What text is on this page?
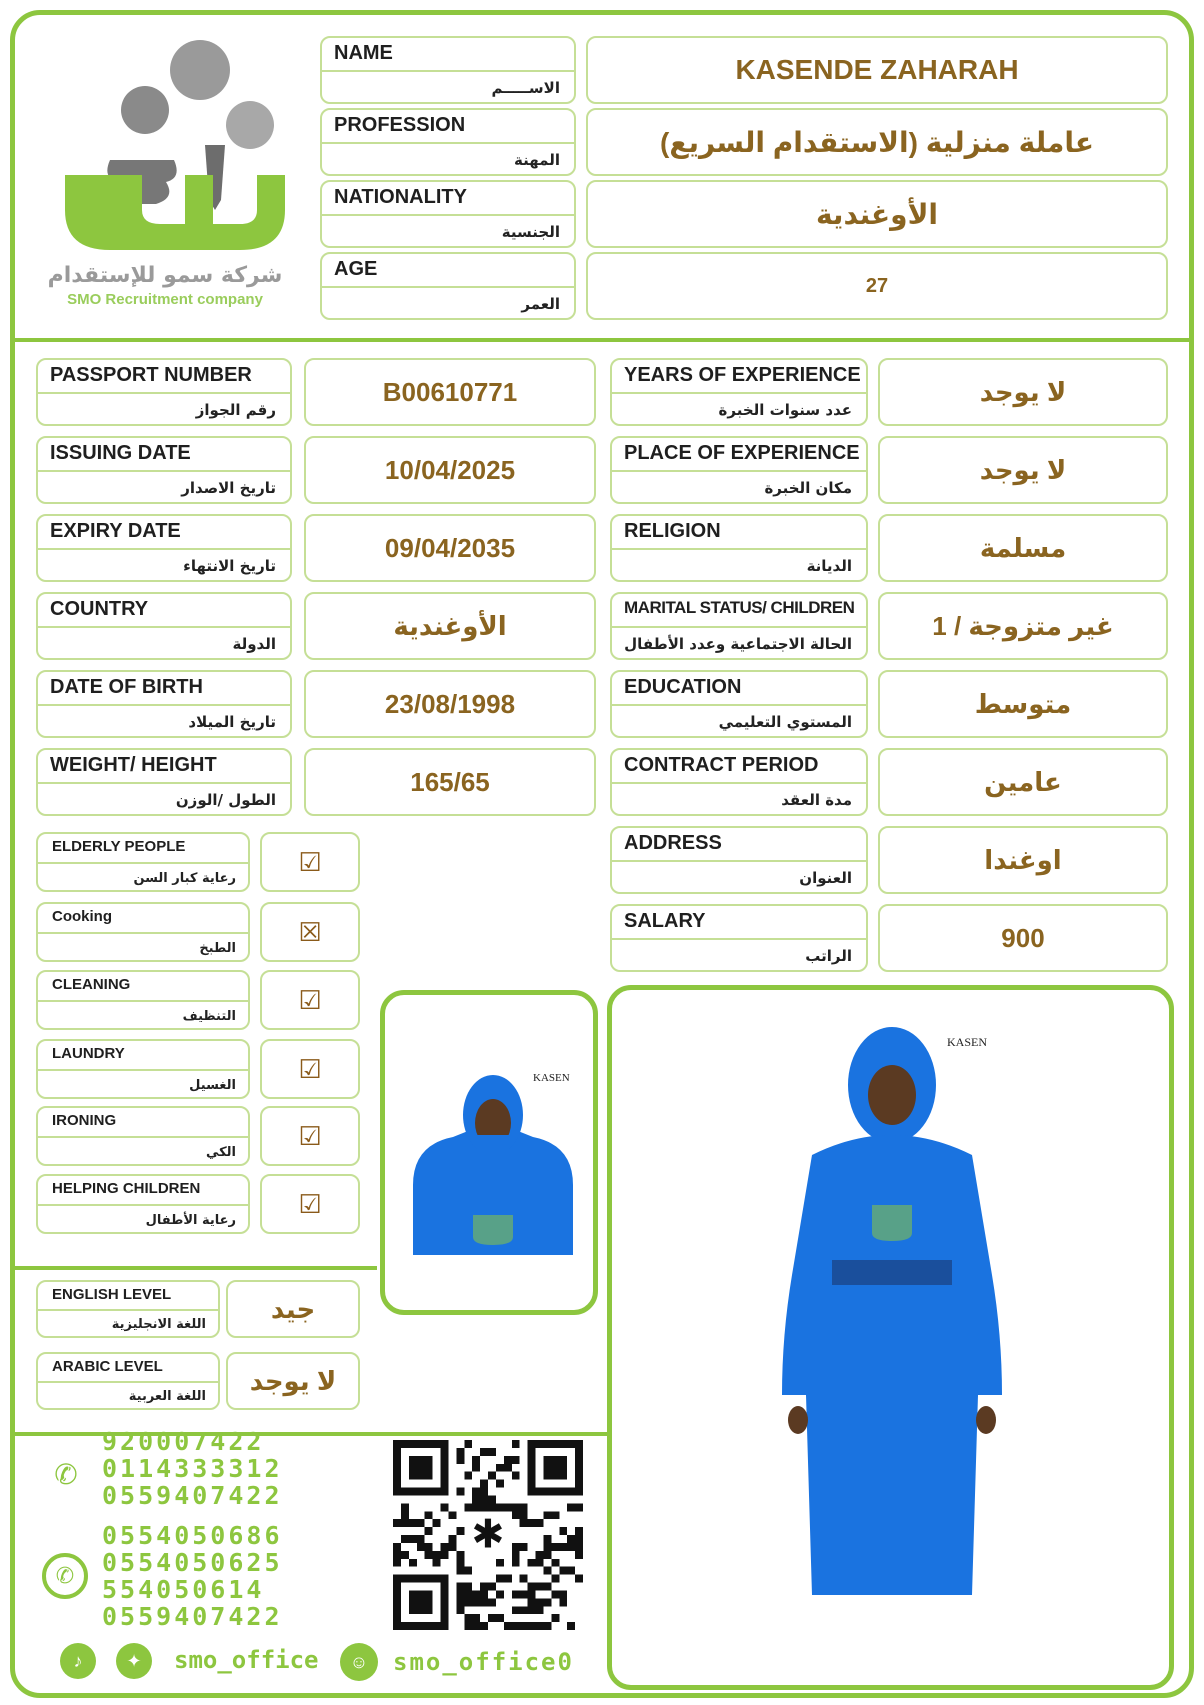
شركة سمو للإستقدام
SMO Recruitment company
NAME
الاســـــم
KASENDE ZAHARAH
PROFESSION
المهنة
(الاستقدام السريع) عاملة منزلية
NATIONALITY
الجنسية
الأوغندية
AGE
العمر
27
PASSPORT NUMBER
رقم الجواز
B00610771
ISSUING DATE
تاريخ الاصدار
10/04/2025
EXPIRY DATE
تاريخ الانتهاء
09/04/2035
COUNTRY
الدولة
الأوغندية
DATE OF BIRTH
تاريخ الميلاد
23/08/1998
WEIGHT/ HEIGHT
الطول /الوزن
165/65
YEARS OF EXPERIENCE
عدد سنوات الخبرة
لا يوجد
PLACE OF EXPERIENCE
مكان الخبرة
لا يوجد
RELIGION
الديانة
مسلمة
MARITAL STATUS/ CHILDREN
الحالة الاجتماعية وعدد الأطفال
غير متزوجة / 1
EDUCATION
المستوي التعليمي
متوسط
CONTRACT PERIOD
مدة العقد
عامين
ADDRESS
العنوان
اوغندا
SALARY
الراتب
900
ELDERLY PEOPLE
رعاية كبار السن
☑
Cooking
الطبخ
☒
CLEANING
التنظيف
☑
LAUNDRY
الغسيل
☑
IRONING
الكي
☑
HELPING CHILDREN
رعاية الأطفال
☑
ENGLISH LEVEL
اللغة الانجليزية
جيد
ARABIC LEVEL
اللغة العربية
لا يوجد
KASEN
KASEN
✆
920007422
0114333312
0559407422
✆
0554050686
0554050625
554050614
0559407422
♪	✦	smo_office	☺	smo_office0
✱
